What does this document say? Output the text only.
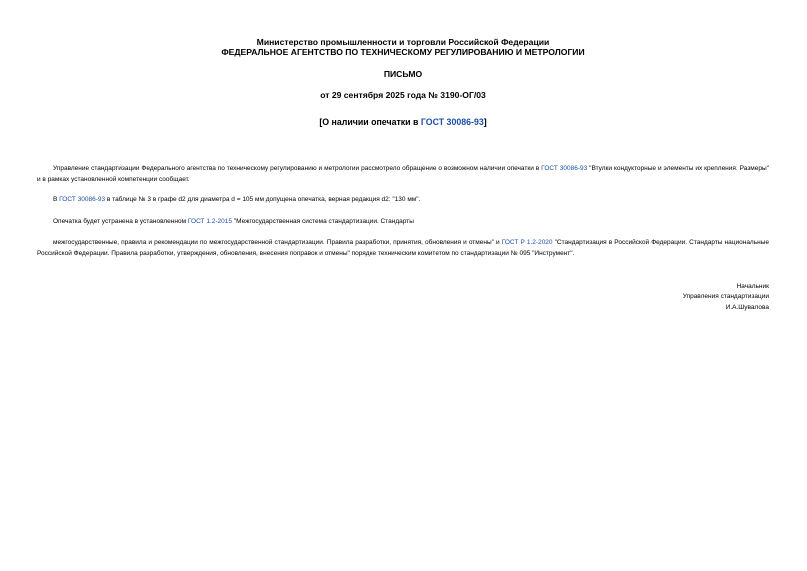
Министерство промышленности и торговли Российской Федерации
ФЕДЕРАЛЬНОЕ АГЕНТСТВО ПО ТЕХНИЧЕСКОМУ РЕГУЛИРОВАНИЮ И МЕТРОЛОГИИ
ПИСЬМО
от 29 сентября 2025 года № 3190-ОГ/03
[О наличии опечатки в ГОСТ 30086-93]

Управление стандартизации Федерального агентства по техническому регулированию и метрологии рассмотрело обращение о возможном наличии опечатки в ГОСТ 30086-93 "Втулки кондукторные и элементы их крепления. Размеры" и в рамках установленной компетенции сообщает.

В ГОСТ 30086-93 в таблице № 3 в графе d2 для диаметра d = 105 мм допущена опечатка, верная редакция d2: "130 мм".

Опечатка будет устранена в установленном ГОСТ 1.2-2015 "Межгосударственная система стандартизации. Стандарты

межгосударственные, правила и рекомендации по межгосударственной стандартизации. Правила разработки, принятия, обновления и отмены" и ГОСТ Р 1.2-2020 "Стандартизация в Российской Федерации. Стандарты национальные Российской Федерации. Правила разработки, утверждения, обновления, внесения поправок и отмены" порядке техническим комитетом по стандартизации № 095 "Инструмент".

Начальник
Управления стандартизации
И.А.Шувалова
